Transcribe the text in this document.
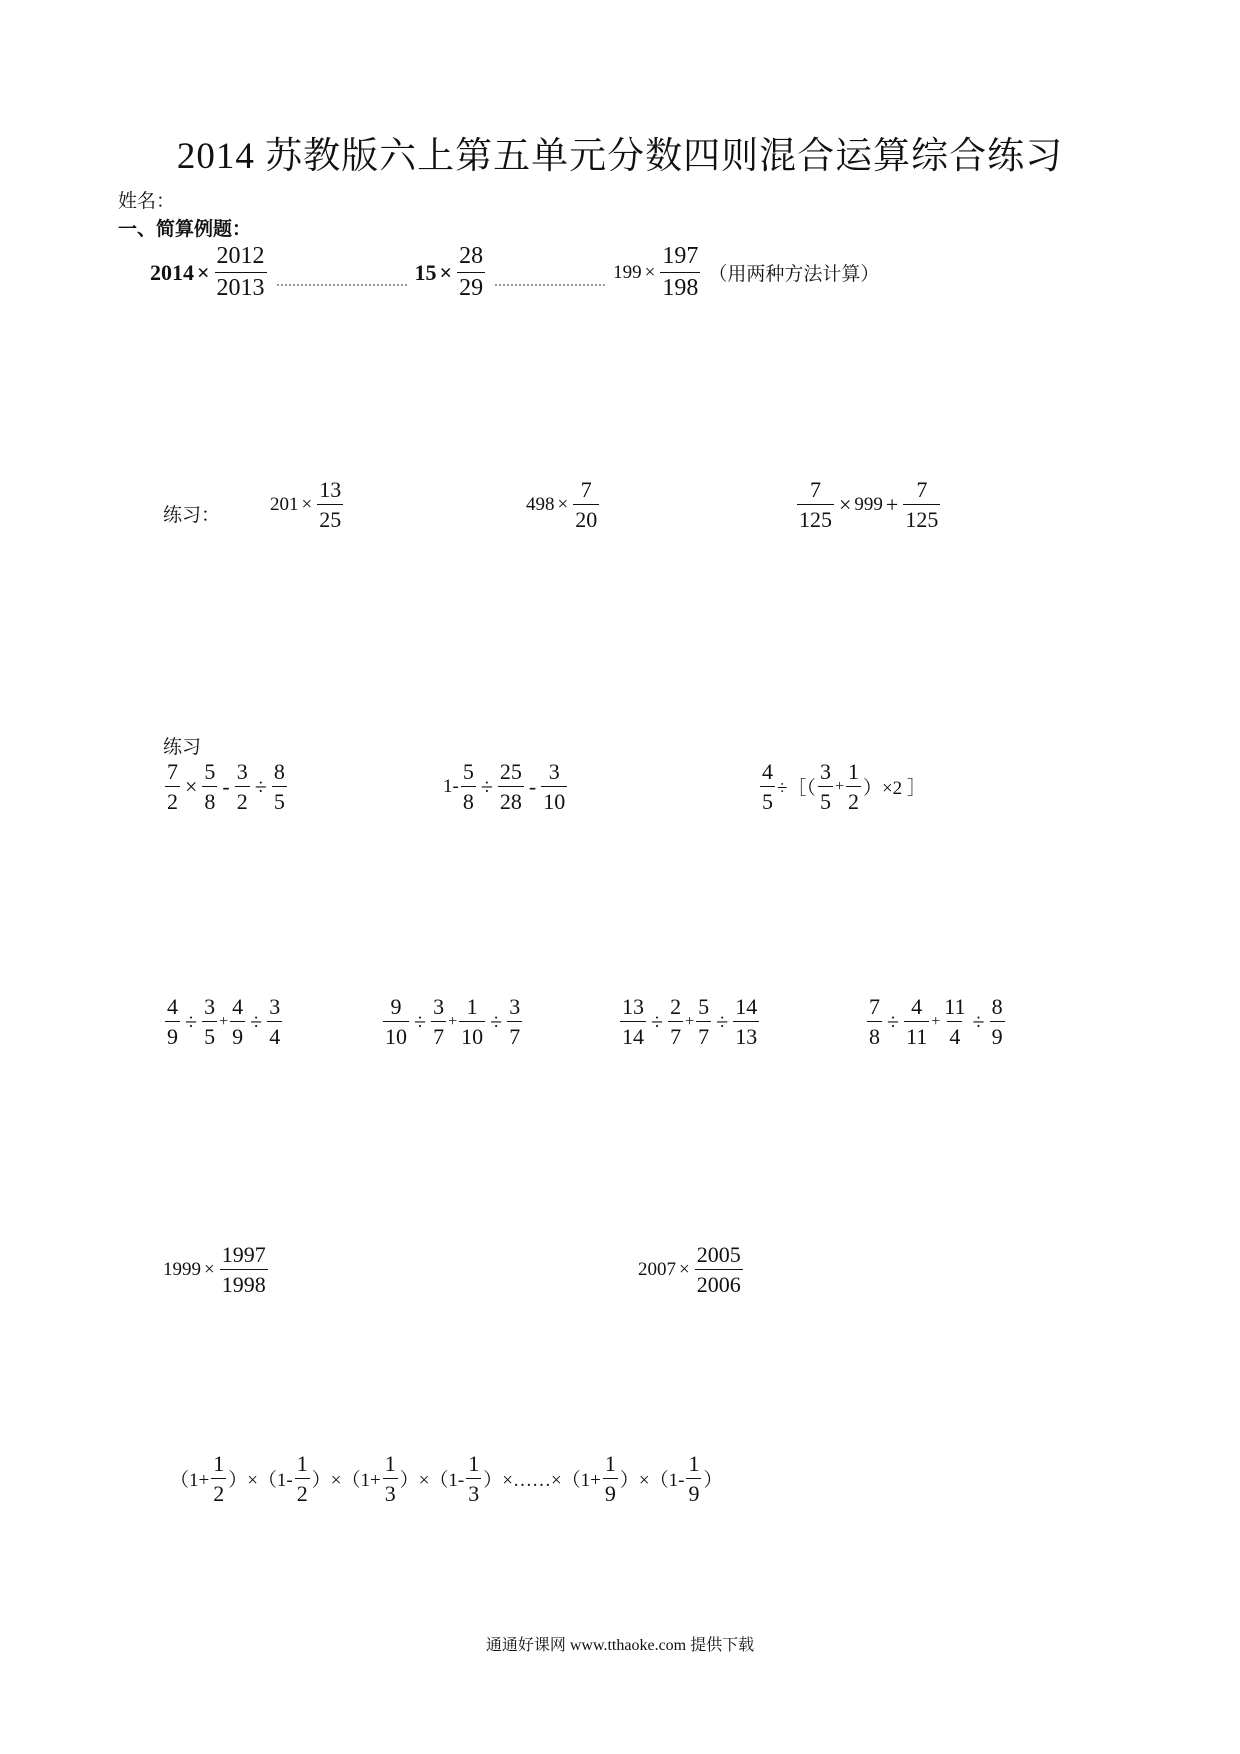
2014 苏教版六上第五单元分数四则混合运算综合练习
姓名：
一、简算例题：
$2014 \times \frac{2012}{2013}$	$15 \times \frac{28}{29}$	$199 \times \frac{197}{198}$ （用两种方法计算）
练习：
$201 \times \frac{13}{25}$	$498 \times \frac{7}{20}$	$\frac{7}{125} \times 999 + \frac{7}{125}$
练习
$\frac{7}{2} \times \frac{5}{8} - \frac{3}{2} \div \frac{8}{5}$	$1- \frac{5}{8} \div \frac{25}{28} - \frac{3}{10}$	$\frac{4}{5}$ ÷［（ $\frac{3}{5} + \frac{1}{2} )\times 2$ ］
$\frac{4}{9} \div \frac{3}{5} + \frac{4}{9} \div \frac{3}{4}$	$\frac{9}{10} \div \frac{3}{7} + \frac{1}{10} \div \frac{3}{7}$	$\frac{13}{14} \div \frac{2}{7} + \frac{5}{7} \div \frac{14}{13}$	$\frac{7}{8} \div \frac{4}{11} + \frac{11}{4} \div \frac{8}{9}$
$1999 \times \frac{1997}{1998}$	$2007 \times \frac{2005}{2006}$
$(1+ \frac{1}{2} )\times(1- \frac{1}{2} )\times(1+ \frac{1}{3} )\times(1- \frac{1}{3}$ ）×……×（1+ $\frac{1}{9} )\times(1- \frac{1}{9}$ ）
通通好课网 www.tthaoke.com 提供下载
